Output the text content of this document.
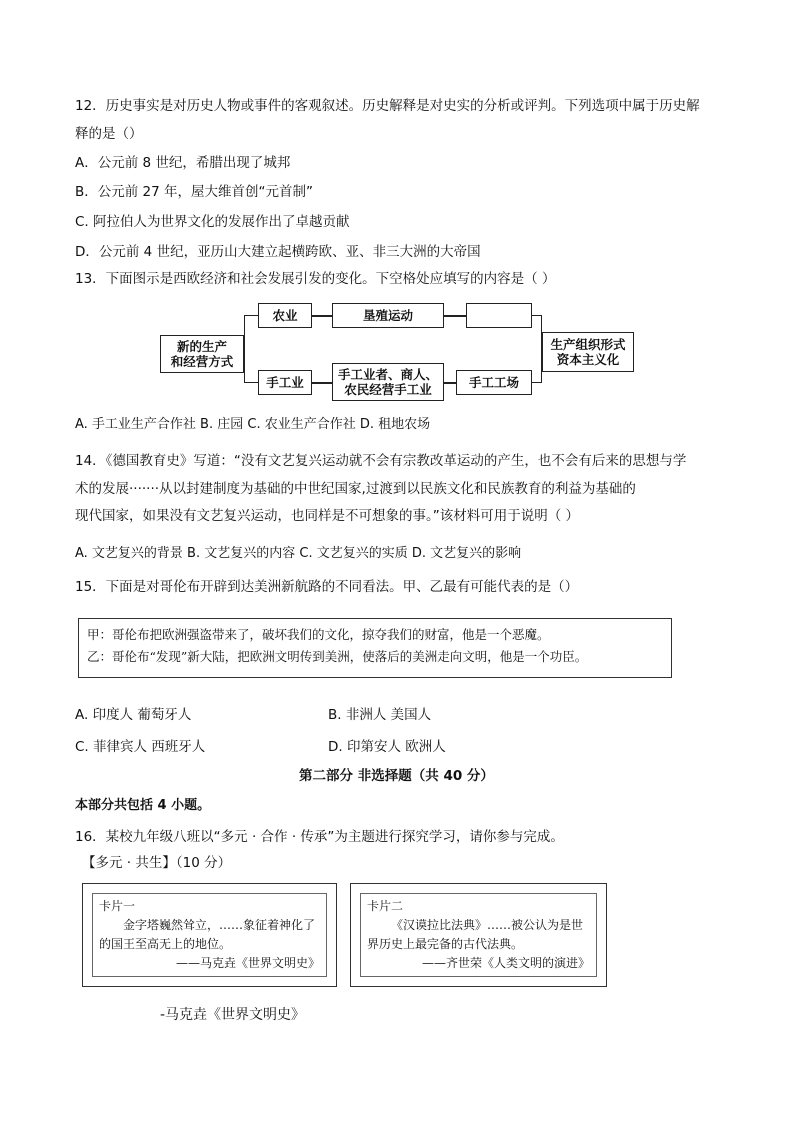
12．历史事实是对历史人物或事件的客观叙述。历史解释是对史实的分析或评判。下列选项中属于历史解
释的是（）
A．公元前 8 世纪，希腊出现了城邦
B．公元前 27 年，屋大维首创“元首制”
C. 阿拉伯人为世界文化的发展作出了卓越贡献
D．公元前 4 世纪，亚历山大建立起横跨欧、亚、非三大洲的大帝国
13．下面图示是西欧经济和社会发展引发的变化。下空格处应填写的内容是（ ）
新的生产
和经营方式
农业	垦殖运动
手工业
手工业者、商人、
农民经营手工业	手工工场
生产组织形式
资本主义化
A. 手工业生产合作社 B. 庄园 C. 农业生产合作社 D. 租地农场
14．《德国教育史》写道：“没有文艺复兴运动就不会有宗教改革运动的产生，也不会有后来的思想与学
术的发展·······从以封建制度为基础的中世纪国家,过渡到以民族文化和民族教育的利益为基础的
现代国家，如果没有文艺复兴运动，也同样是不可想象的事。”该材料可用于说明（ ）
A. 文艺复兴的背景 B. 文艺复兴的内容 C. 文艺复兴的实质 D. 文艺复兴的影响
15．下面是对哥伦布开辟到达美洲新航路的不同看法。甲、乙最有可能代表的是（）
甲：哥伦布把欧洲强盗带来了，破坏我们的文化，掠夺我们的财富，他是一个恶魔。
乙：哥伦布“发现”新大陆，把欧洲文明传到美洲，使落后的美洲走向文明，他是一个功臣。
A. 印度人 葡萄牙人	B. 非洲人 美国人
C. 菲律宾人 西班牙人	D. 印第安人 欧洲人
第二部分 非选择题（共 40 分）
本部分共包括 4 小题。
16．某校九年级八班以“多元 · 合作 · 传承”为主题进行探究学习，请你参与完成。
【多元 · 共生】（10 分）
卡片一
金字塔巍然耸立，……象征着神化了的国王至高无上的地位。
——马克垚《世界文明史》
卡片二
《汉谟拉比法典》……被公认为是世界历史上最完备的古代法典。
——齐世荣《人类文明的演进》
-马克垚《世界文明史》
